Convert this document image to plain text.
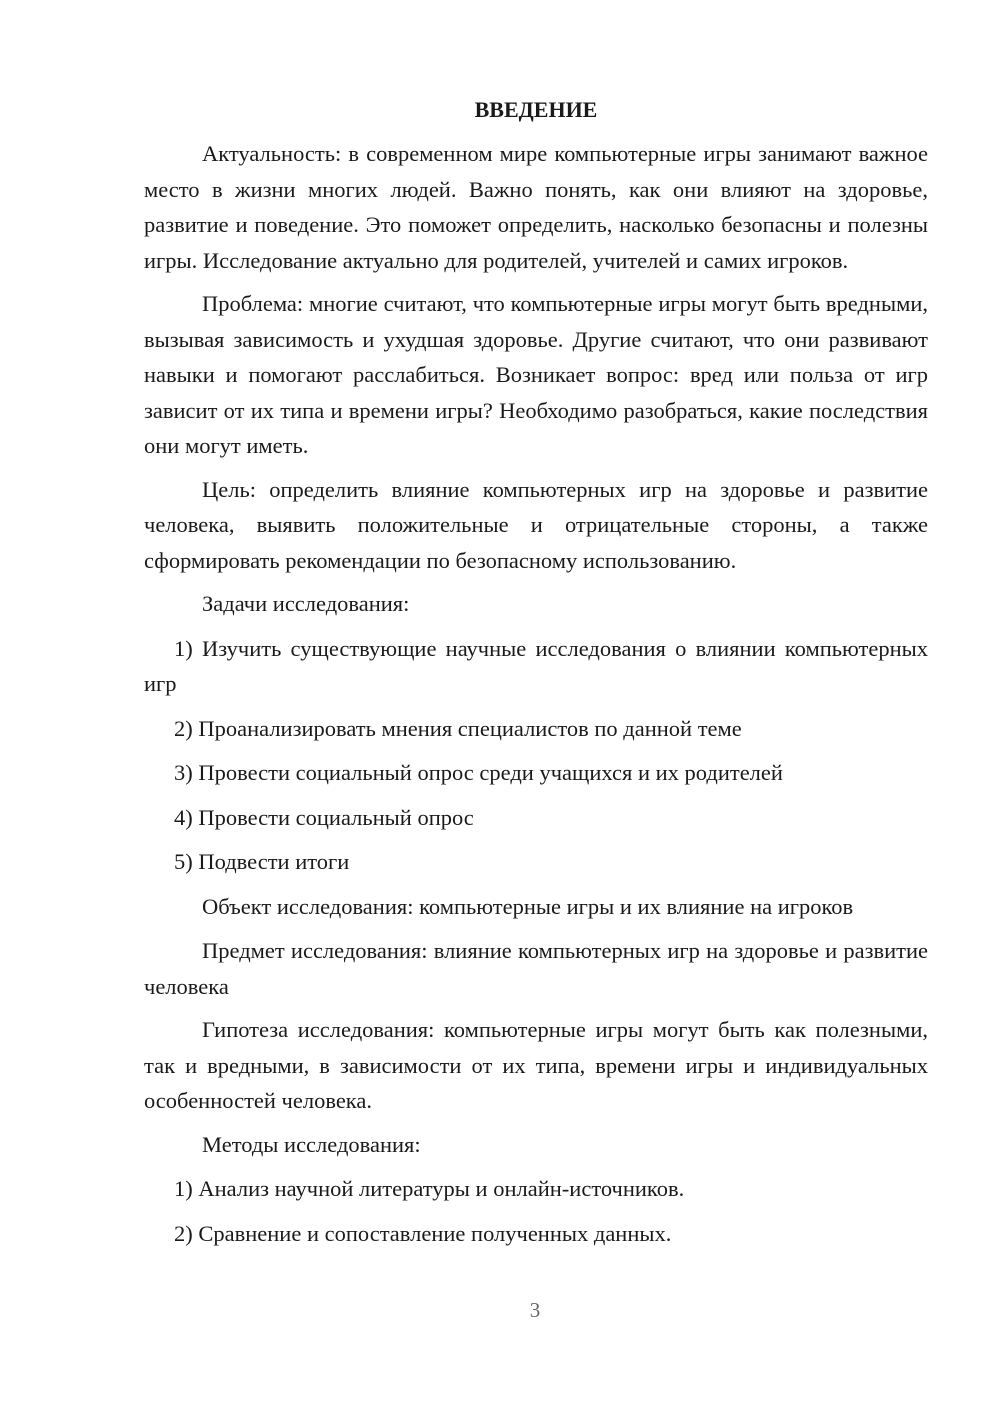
ВВЕДЕНИЕ

Актуальность: в современном мире компьютерные игры занимают важное место в жизни многих людей. Важно понять, как они влияют на здоровье, развитие и поведение. Это поможет определить, насколько безопасны и полезны игры. Исследование актуально для родителей, учителей и самих игроков.

Проблема: многие считают, что компьютерные игры могут быть вредными, вызывая зависимость и ухудшая здоровье. Другие считают, что они развивают навыки и помогают расслабиться. Возникает вопрос: вред или польза от игр зависит от их типа и времени игры? Необходимо разобраться, какие последствия они могут иметь.

Цель: определить влияние компьютерных игр на здоровье и развитие человека, выявить положительные и отрицательные стороны, а также сформировать рекомендации по безопасному использованию.

Задачи исследования:

1) Изучить существующие научные исследования о влиянии компьютерных игр

2) Проанализировать мнения специалистов по данной теме

3) Провести социальный опрос среди учащихся и их родителей

4) Провести социальный опрос

5) Подвести итоги

Объект исследования: компьютерные игры и их влияние на игроков

Предмет исследования: влияние компьютерных игр на здоровье и развитие человека

Гипотеза исследования: компьютерные игры могут быть как полезными, так и вредными, в зависимости от их типа, времени игры и индивидуальных особенностей человека.

Методы исследования:

1) Анализ научной литературы и онлайн-источников.

2) Сравнение и сопоставление полученных данных.

3
